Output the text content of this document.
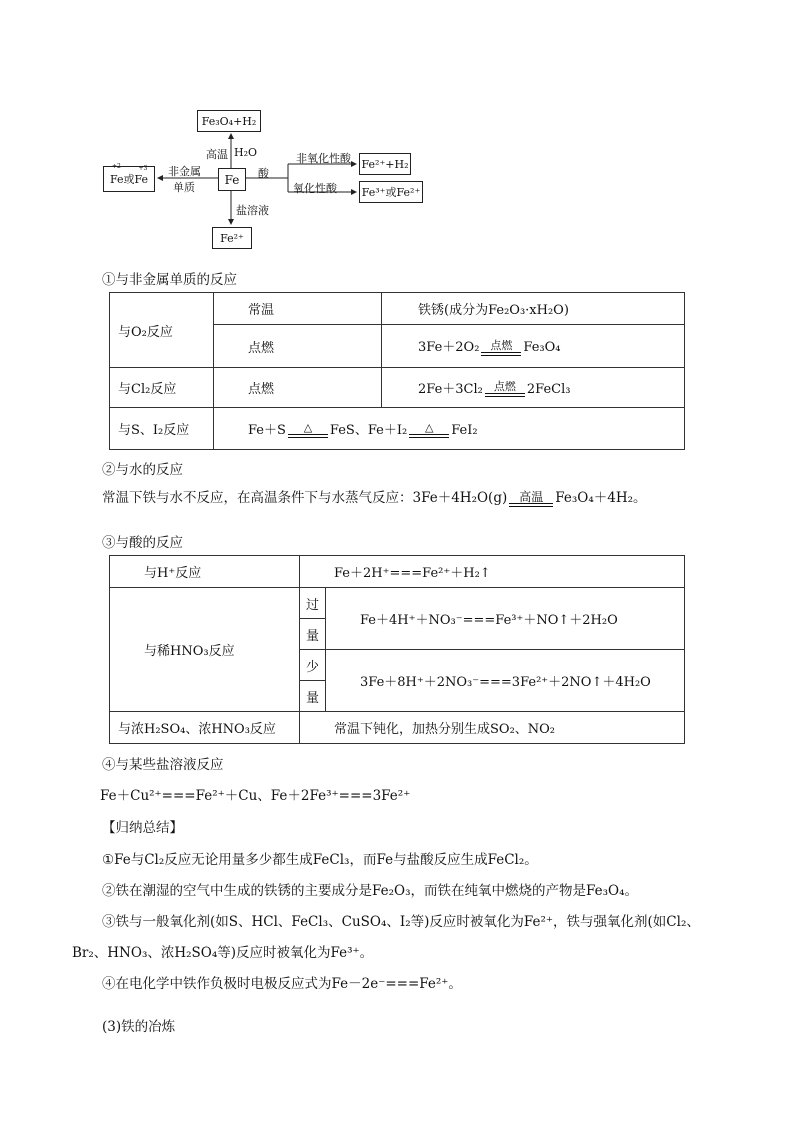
Fe₃O₄+H₂
高温 H₂O
Fe
+2
Fe或
+3
Fe
非金属
单质
酸
非氧化性酸
氧化性酸
Fe²⁺+H₂
Fe³⁺或Fe²⁺
盐溶液
Fe²⁺
①与非金属单质的反应
与O₂反应	常温	铁锈(成分为Fe₂O₃·xH₂O)
	点燃	3Fe＋2O₂ 点燃 Fe₃O₄
与Cl₂反应	点燃	2Fe＋3Cl₂ 点燃 2FeCl₃
与S、I₂反应	Fe＋S △ FeS、Fe＋I₂ △ FeI₂	
②与水的反应
常温下铁与水不反应，在高温条件下与水蒸气反应：3Fe＋4H₂O(g) 高温 Fe₃O₄＋4H₂。
③与酸的反应
与H⁺反应	Fe＋2H⁺===Fe²⁺＋H₂↑	
与稀HNO₃反应	过	Fe＋4H⁺＋NO₃⁻===Fe³⁺＋NO↑＋2H₂O
	量	
	少	3Fe＋8H⁺＋2NO₃⁻===3Fe²⁺＋2NO↑＋4H₂O
	量	
与浓H₂SO₄、浓HNO₃反应	常温下钝化，加热分别生成SO₂、NO₂	
④与某些盐溶液反应
Fe＋Cu²⁺===Fe²⁺＋Cu、Fe＋2Fe³⁺===3Fe²⁺
【归纳总结】
①Fe与Cl₂反应无论用量多少都生成FeCl₃，而Fe与盐酸反应生成FeCl₂。
②铁在潮湿的空气中生成的铁锈的主要成分是Fe₂O₃，而铁在纯氧中燃烧的产物是Fe₃O₄。
③铁与一般氧化剂(如S、HCl、FeCl₃、CuSO₄、I₂等)反应时被氧化为Fe²⁺，铁与强氧化剂(如Cl₂、
Br₂、HNO₃、浓H₂SO₄等)反应时被氧化为Fe³⁺。
④在电化学中铁作负极时电极反应式为Fe－2e⁻===Fe²⁺。
(3)铁的冶炼
